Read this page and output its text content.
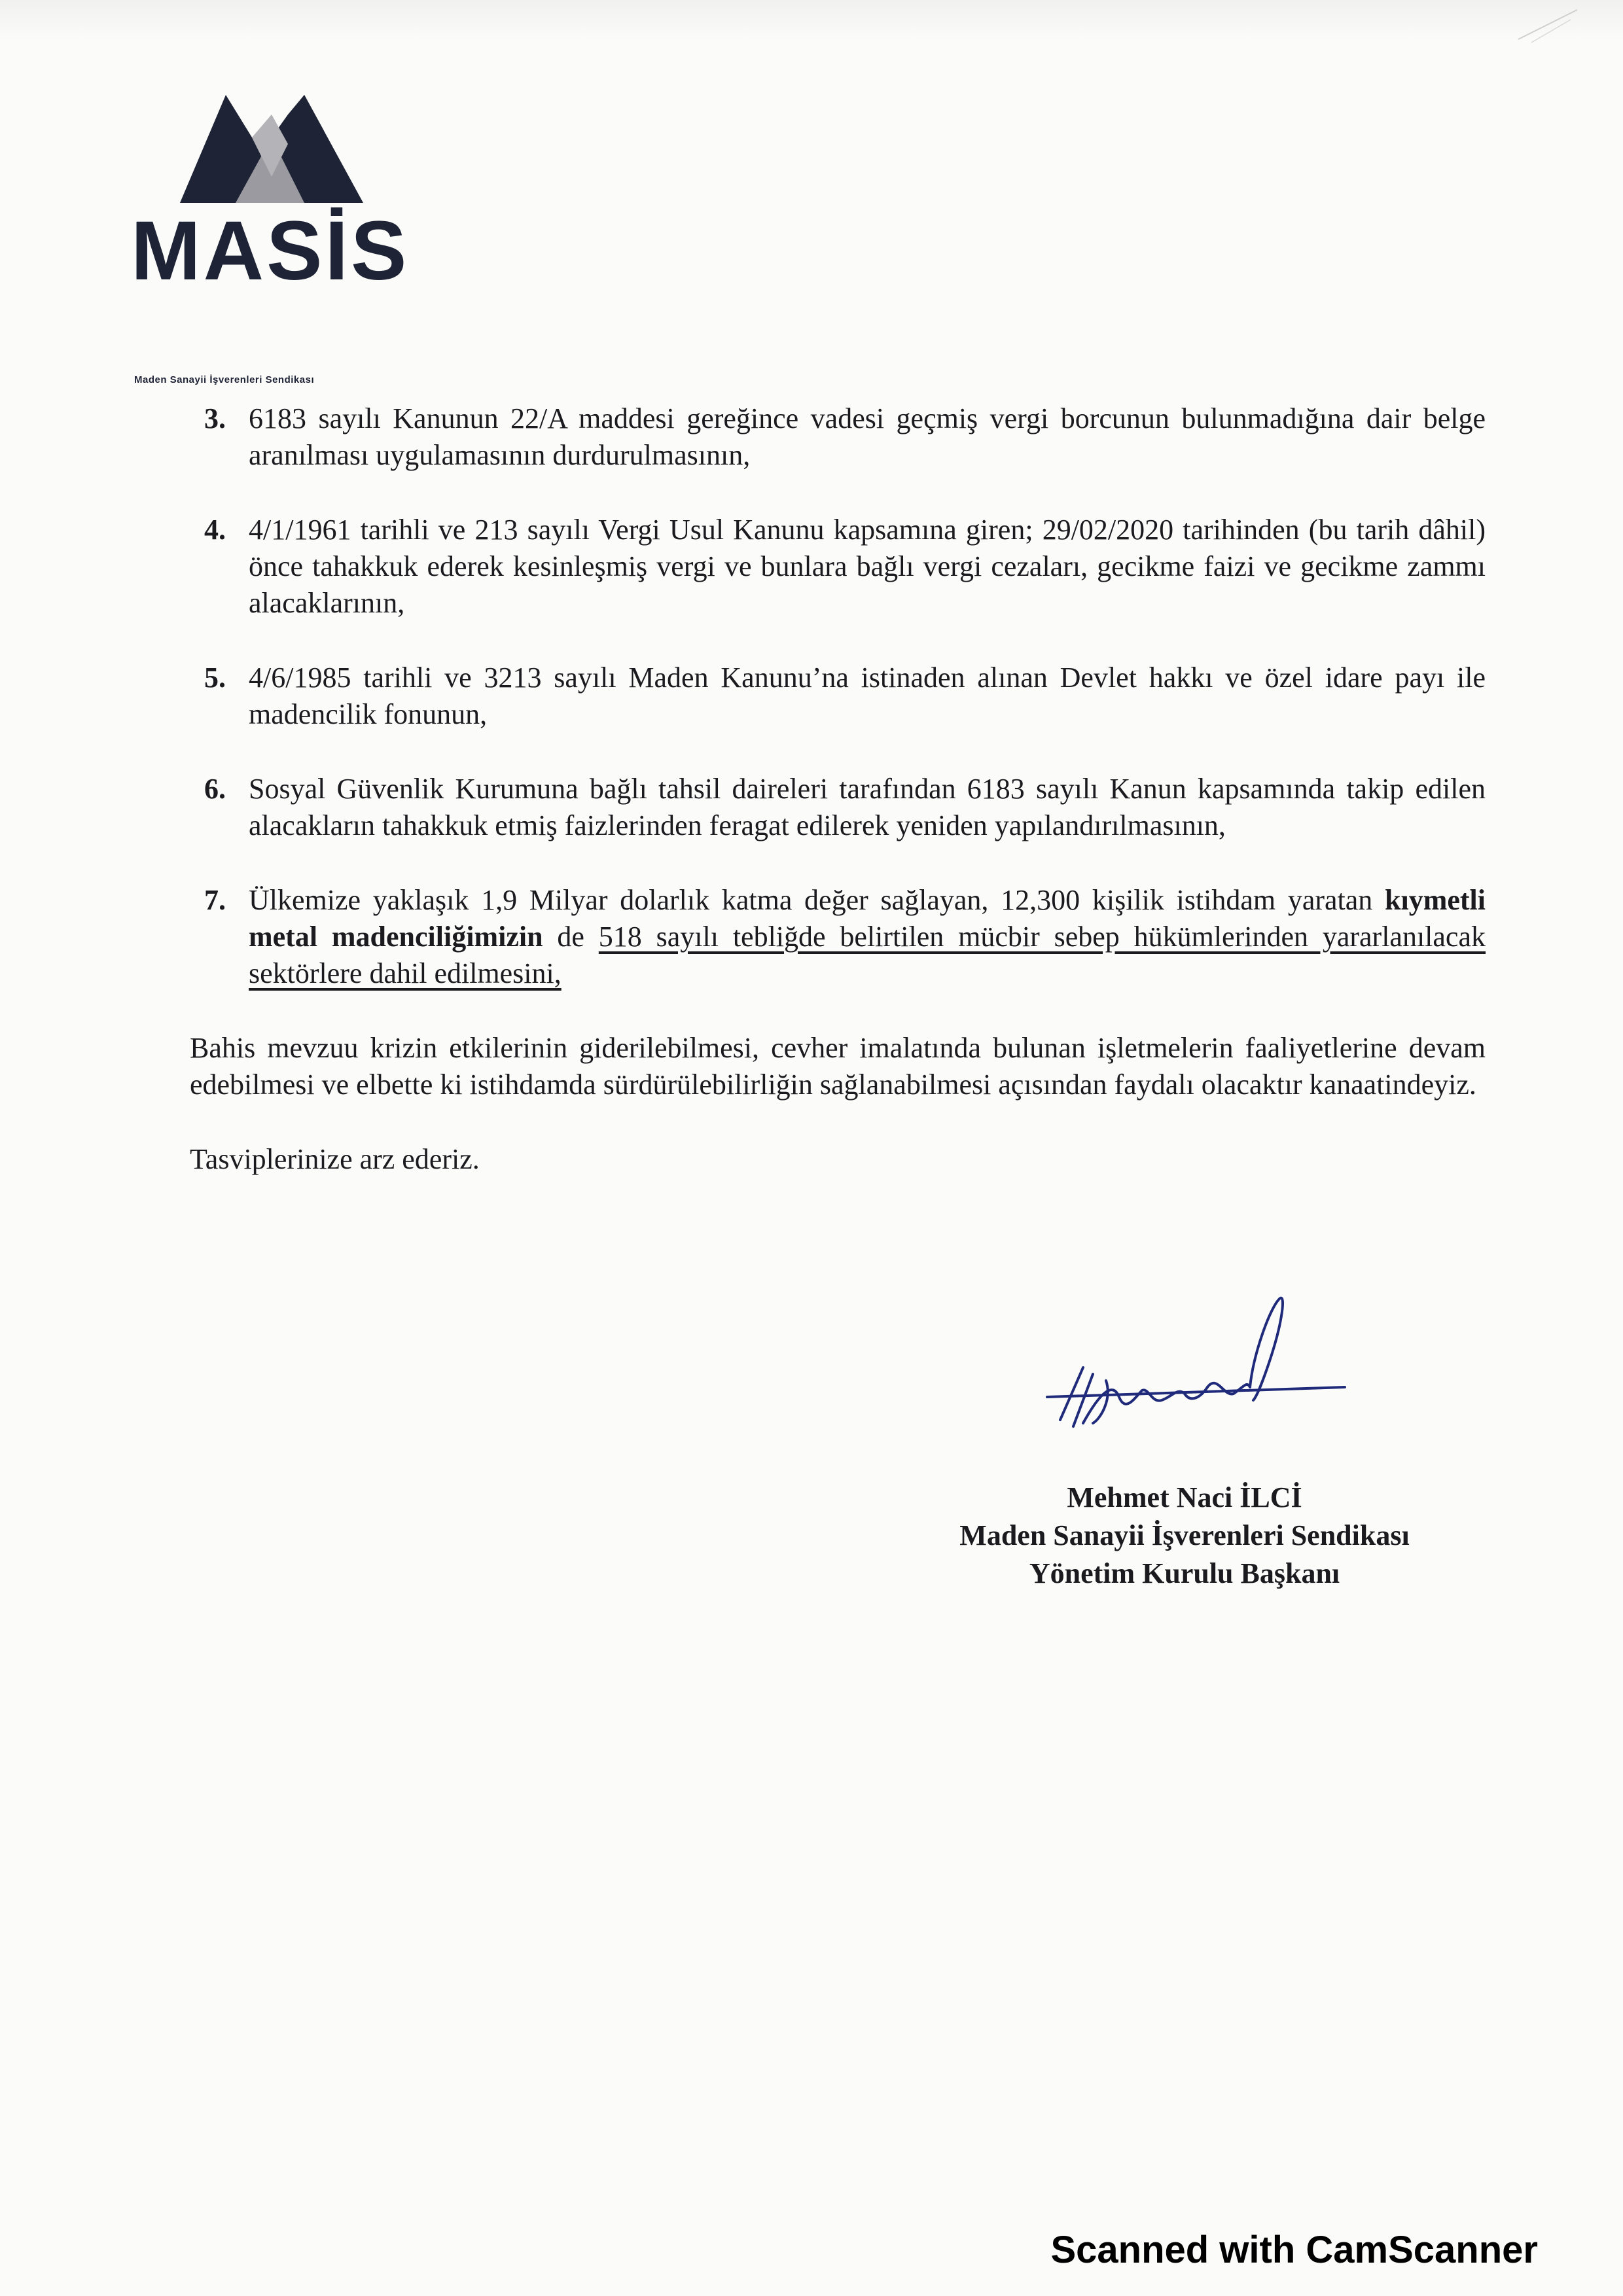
MASİS
Maden Sanayii İşverenleri Sendikası
3. 6183 sayılı Kanunun 22/A maddesi gereğince vadesi geçmiş vergi borcunun bulunmadığına dair belge aranılması uygulamasının durdurulmasının,
4. 4/1/1961 tarihli ve 213 sayılı Vergi Usul Kanunu kapsamına giren; 29/02/2020 tarihinden (bu tarih dâhil) önce tahakkuk ederek kesinleşmiş vergi ve bunlara bağlı vergi cezaları, gecikme faizi ve gecikme zammı alacaklarının,
5. 4/6/1985 tarihli ve 3213 sayılı Maden Kanunu’na istinaden alınan Devlet hakkı ve özel idare payı ile madencilik fonunun,
6. Sosyal Güvenlik Kurumuna bağlı tahsil daireleri tarafından 6183 sayılı Kanun kapsamında takip edilen alacakların tahakkuk etmiş faizlerinden feragat edilerek yeniden yapılandırılmasının,
7. Ülkemize yaklaşık 1,9 Milyar dolarlık katma değer sağlayan, 12,300 kişilik istihdam yaratan kıymetli metal madenciliğimizin de 518 sayılı tebliğde belirtilen mücbir sebep hükümlerinden yararlanılacak sektörlere dahil edilmesini,

Bahis mevzuu krizin etkilerinin giderilebilmesi, cevher imalatında bulunan işletmelerin faaliyetlerine devam edebilmesi ve elbette ki istihdamda sürdürülebilirliğin sağlanabilmesi açısından faydalı olacaktır kanaatindeyiz.

Tasviplerinize arz ederiz.

Mehmet Naci İLCİ
Maden Sanayii İşverenleri Sendikası
Yönetim Kurulu Başkanı
Scanned with CamScanner
